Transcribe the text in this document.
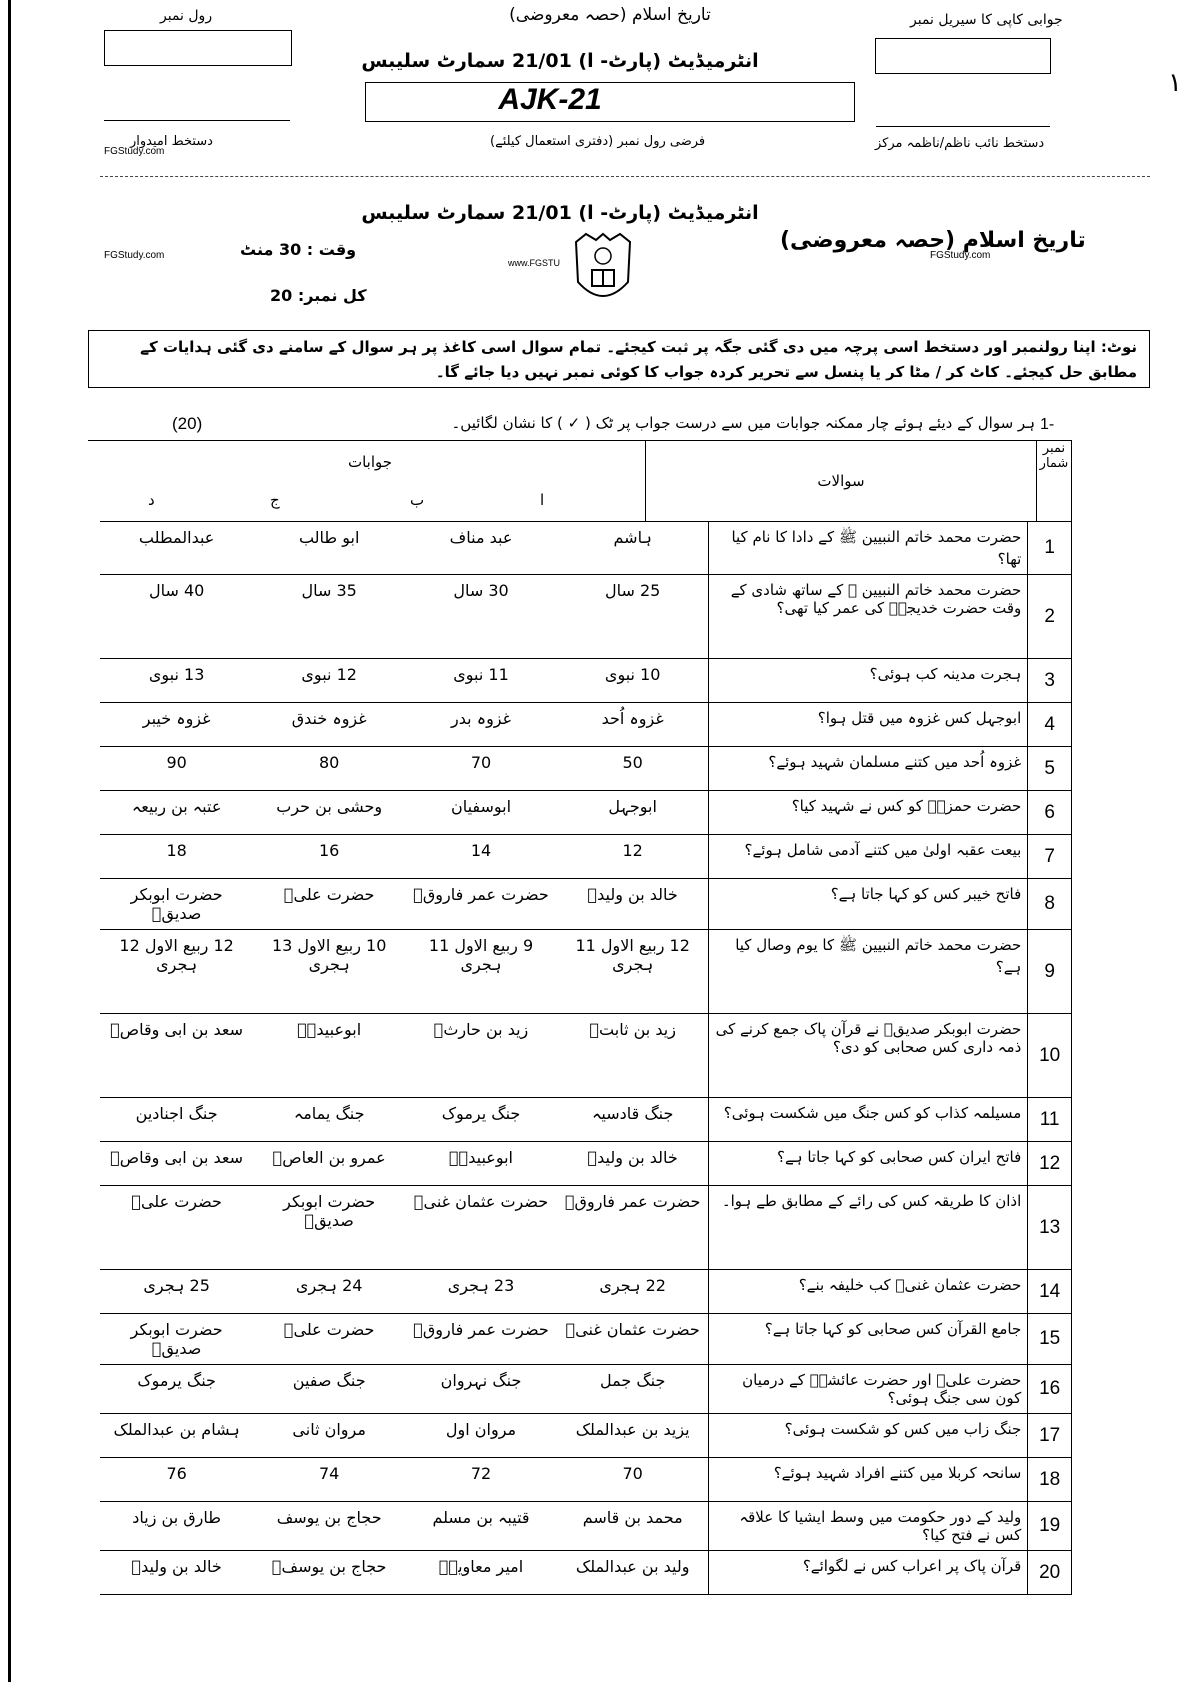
تاریخ اسلام (حصہ معروضی)
رول نمبر	جوابی کاپی کا سیریل نمبر
انٹرمیڈیٹ (پارٹ- ا) 21/01 سمارٹ سلیبس
AJK-21	۱
دستخط امیدوار
FGStudy.com
فرضی رول نمبر (دفتری استعمال کیلئے)	دستخط نائب ناظم/ناظمہ مرکز
انٹرمیڈیٹ (پارٹ- ا) 21/01 سمارٹ سلیبس
تاریخ اسلام (حصہ معروضی)
FGStudy.com
FGStudy.com	وقت : 30 منٹ
کل نمبر: 20
www.FGSTU
نوٹ: اپنا رولنمبر اور دستخط اسی پرچہ میں دی گئی جگہ پر ثبت کیجئے۔ تمام سوال اسی کاغذ پر ہر سوال کے سامنے دی گئی ہدایات کے مطابق حل کیجئے۔ کاٹ کر / مٹا کر یا پنسل سے تحریر کردہ جواب کا کوئی نمبر نہیں دیا جائے گا۔
-1
ہر سوال کے دیئے ہوئے چار ممکنہ جوابات میں سے درست جواب پر ٹک ( ✓ ) کا نشان لگائیں۔
(20)
نمبر شمار
سوالات
جوابات
ا
ب
ج
د
1	حضرت محمد خاتم النبیین ﷺ کے دادا کا نام کیا تھا؟	ہاشم	عبد مناف	ابو طالب	عبدالمطلب
2	حضرت محمد خاتم النبیین ﷺ کے ساتھ شادی کے وقت حضرت خدیجہؓ کی عمر کیا تھی؟	25 سال	30 سال	35 سال	40 سال
3	ہجرت مدینہ کب ہوئی؟	10 نبوی	11 نبوی	12 نبوی	13 نبوی
4	ابوجہل کس غزوہ میں قتل ہوا؟	غزوہ اُحد	غزوہ بدر	غزوہ خندق	غزوہ خیبر
5	غزوہ اُحد میں کتنے مسلمان شہید ہوئے؟	50	70	80	90
6	حضرت حمزہؓ کو کس نے شہید کیا؟	ابوجہل	ابوسفیان	وحشی بن حرب	عتبہ بن ربیعہ
7	بیعت عقبہ اولیٰ میں کتنے آدمی شامل ہوئے؟	12	14	16	18
8	فاتح خیبر کس کو کہا جاتا ہے؟	خالد بن ولیدؓ	حضرت عمر فاروقؓ	حضرت علیؓ	حضرت ابوبکر صدیقؓ
9	حضرت محمد خاتم النبیین ﷺ کا یوم وصال کیا ہے؟	12 ربیع الاول 11 ہجری	9 ربیع الاول 11 ہجری	10 ربیع الاول 13 ہجری	12 ربیع الاول 12 ہجری
10	حضرت ابوبکر صدیقؓ نے قرآن پاک جمع کرنے کی ذمہ داری کس صحابی کو دی؟	زید بن ثابتؓ	زید بن حارثؓ	ابوعبیدہؓ	سعد بن ابی وقاصؓ
11	مسیلمہ کذاب کو کس جنگ میں شکست ہوئی؟	جنگ قادسیہ	جنگ یرموک	جنگ یمامہ	جنگ اجنادین
12	فاتح ایران کس صحابی کو کہا جاتا ہے؟	خالد بن ولیدؓ	ابوعبیدہؓ	عمرو بن العاصؓ	سعد بن ابی وقاصؓ
13	اذان کا طریقہ کس کی رائے کے مطابق طے ہوا۔	حضرت عمر فاروقؓ	حضرت عثمان غنیؓ	حضرت ابوبکر صدیقؓ	حضرت علیؓ
14	حضرت عثمان غنیؓ کب خلیفہ بنے؟	22 ہجری	23 ہجری	24 ہجری	25 ہجری
15	جامع القرآن کس صحابی کو کہا جاتا ہے؟	حضرت عثمان غنیؓ	حضرت عمر فاروقؓ	حضرت علیؓ	حضرت ابوبکر صدیقؓ
16	حضرت علیؓ اور حضرت عائشہؓ کے درمیان کون سی جنگ ہوئی؟	جنگ جمل	جنگ نہروان	جنگ صفین	جنگ یرموک
17	جنگ زاب میں کس کو شکست ہوئی؟	یزید بن عبدالملک	مروان اول	مروان ثانی	ہشام بن عبدالملک
18	سانحہ کربلا میں کتنے افراد شہید ہوئے؟	70	72	74	76
19	ولید کے دور حکومت میں وسط ایشیا کا علاقہ کس نے فتح کیا؟	محمد بن قاسم	قتیبہ بن مسلم	حجاج بن یوسف	طارق بن زیاد
20	قرآن پاک پر اعراب کس نے لگوائے؟	ولید بن عبدالملک	امیر معاویہؓ	حجاج بن یوسفؓ	خالد بن ولیدؓ
